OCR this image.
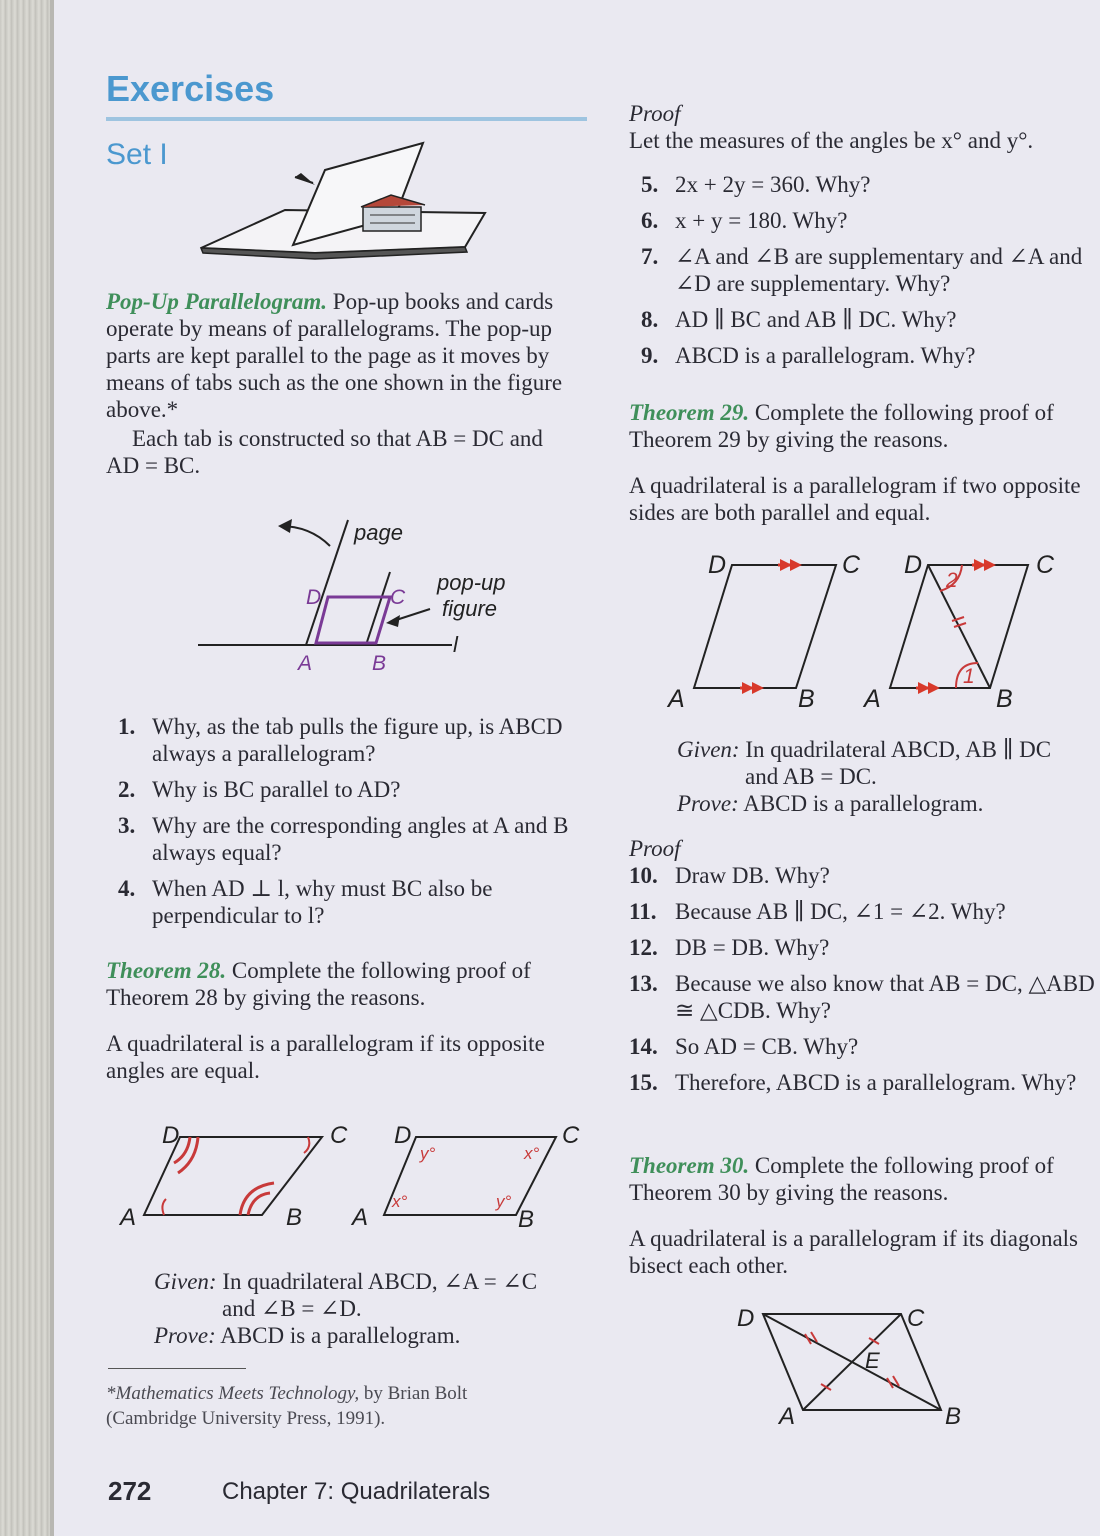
Exercises
Set I
Pop-Up Parallelogram. Pop-up books and cards operate by means of parallelograms. The pop-up parts are kept parallel to the page as it moves by means of tabs such as the one shown in the figure above.*
Each tab is constructed so that AB = DC and AD = BC.
page
pop-up
figure
l
A	B
C
D
1. Why, as the tab pulls the figure up, is ABCD always a parallelogram?
2. Why is BC parallel to AD?
3. Why are the corresponding angles at A and B always equal?
4. When AD ⊥ l, why must BC also be perpendicular to l?
Theorem 28. Complete the following proof of Theorem 28 by giving the reasons.
A quadrilateral is a parallelogram if its opposite angles are equal.
D	C
A	B
D	C
A	B
y°	x°
x°	y°
Given: In quadrilateral ABCD, ∠A = ∠C
and ∠B = ∠D.
Prove: ABCD is a parallelogram.
*Mathematics Meets Technology, by Brian Bolt
(Cambridge University Press, 1991).
272	Chapter 7: Quadrilaterals
Proof
Let the measures of the angles be x° and y°.
5. 2x + 2y = 360. Why?
6. x + y = 180. Why?
7. ∠A and ∠B are supplementary and ∠A and ∠D are supplementary. Why?
8. AD ∥ BC and AB ∥ DC. Why?
9. ABCD is a parallelogram. Why?
Theorem 29. Complete the following proof of Theorem 29 by giving the reasons.
A quadrilateral is a parallelogram if two opposite sides are both parallel and equal.
D	C
A	B
2
1
D	C
A	B
Given: In quadrilateral ABCD, AB ∥ DC
and AB = DC.
Prove: ABCD is a parallelogram.
Proof
10. Draw DB. Why?
11. Because AB ∥ DC, ∠1 = ∠2. Why?
12. DB = DB. Why?
13. Because we also know that AB = DC, △ABD ≅ △CDB. Why?
14. So AD = CB. Why?
15. Therefore, ABCD is a parallelogram. Why?
Theorem 30. Complete the following proof of Theorem 30 by giving the reasons.
A quadrilateral is a parallelogram if its diagonals bisect each other.
D	C
A	B
E
